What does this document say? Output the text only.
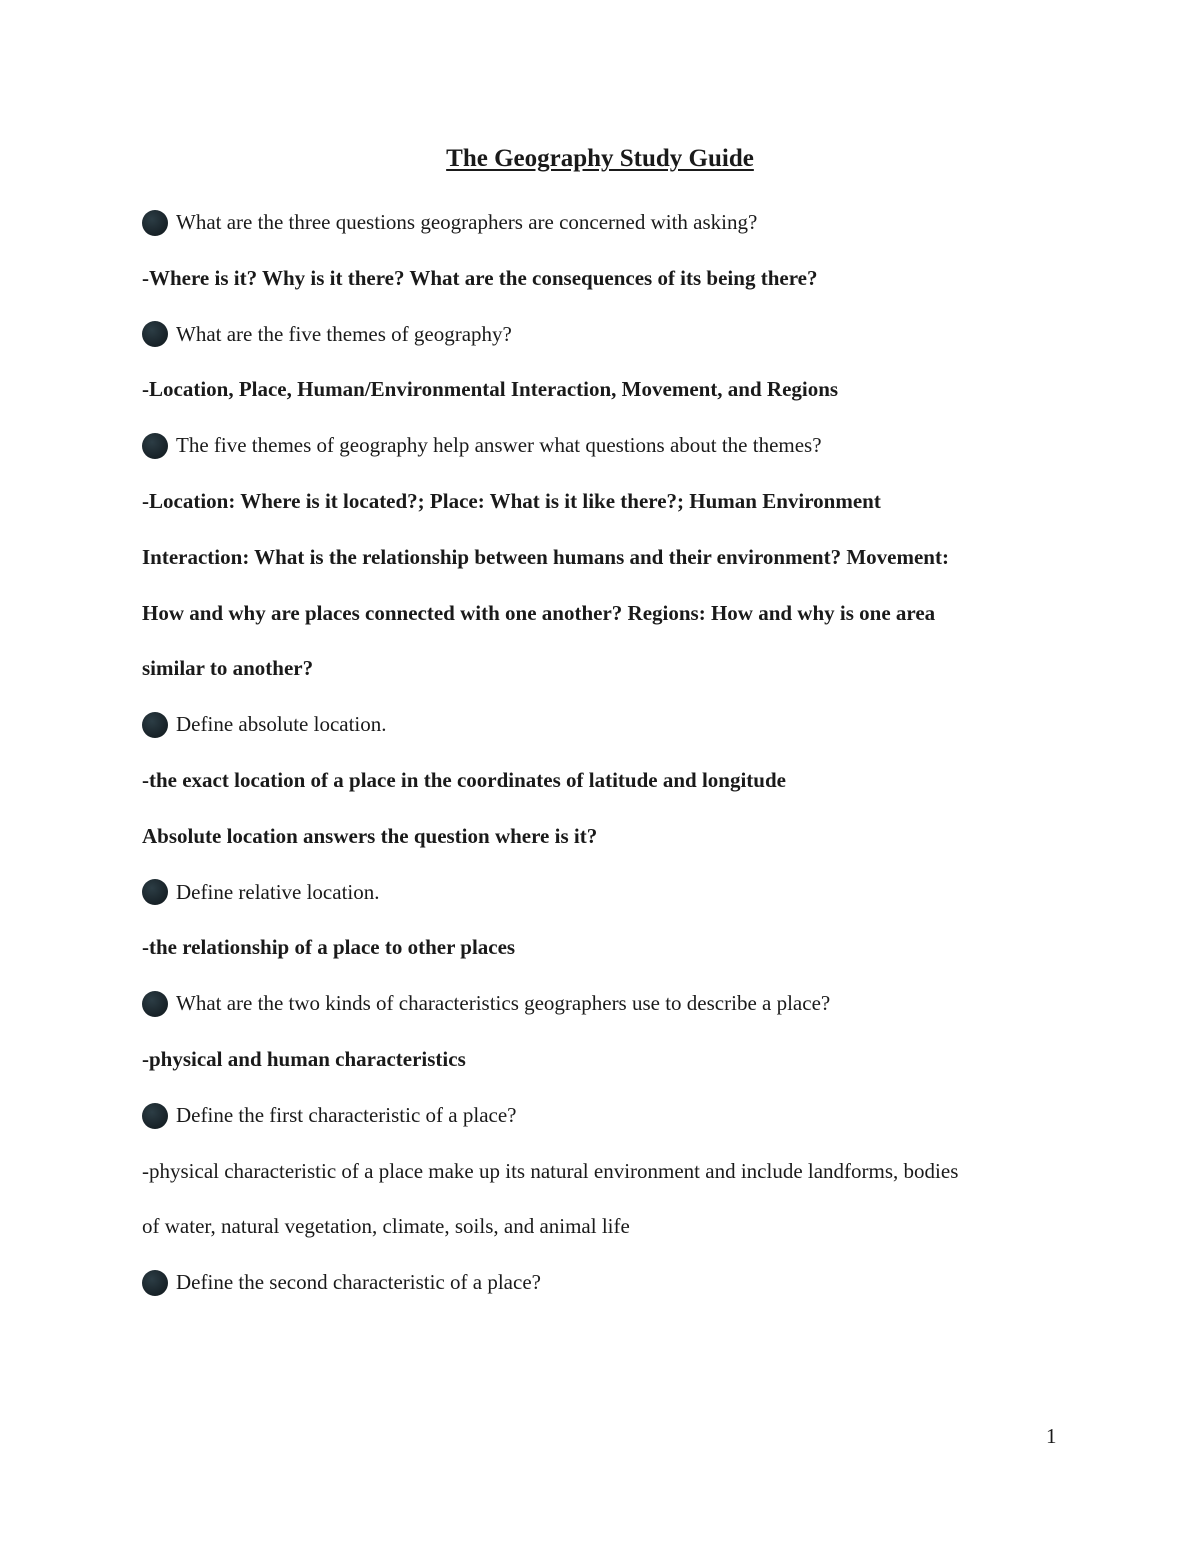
The Geography Study Guide
What are the three questions geographers are concerned with asking?
-Where is it? Why is it there? What are the consequences of its being there?
What are the five themes of geography?
-Location, Place, Human/Environmental Interaction, Movement, and Regions
The five themes of geography help answer what questions about the themes?
-Location: Where is it located?; Place: What is it like there?; Human Environment
Interaction: What is the relationship between humans and their environment? Movement:
How and why are places connected with one another? Regions: How and why is one area
similar to another?
Define absolute location.
-the exact location of a place in the coordinates of latitude and longitude
Absolute location answers the question where is it?
Define relative location.
-the relationship of a place to other places
What are the two kinds of characteristics geographers use to describe a place?
-physical and human characteristics
Define the first characteristic of a place?
-physical characteristic of a place make up its natural environment and include landforms, bodies
of water, natural vegetation, climate, soils, and animal life
Define the second characteristic of a place?
1
